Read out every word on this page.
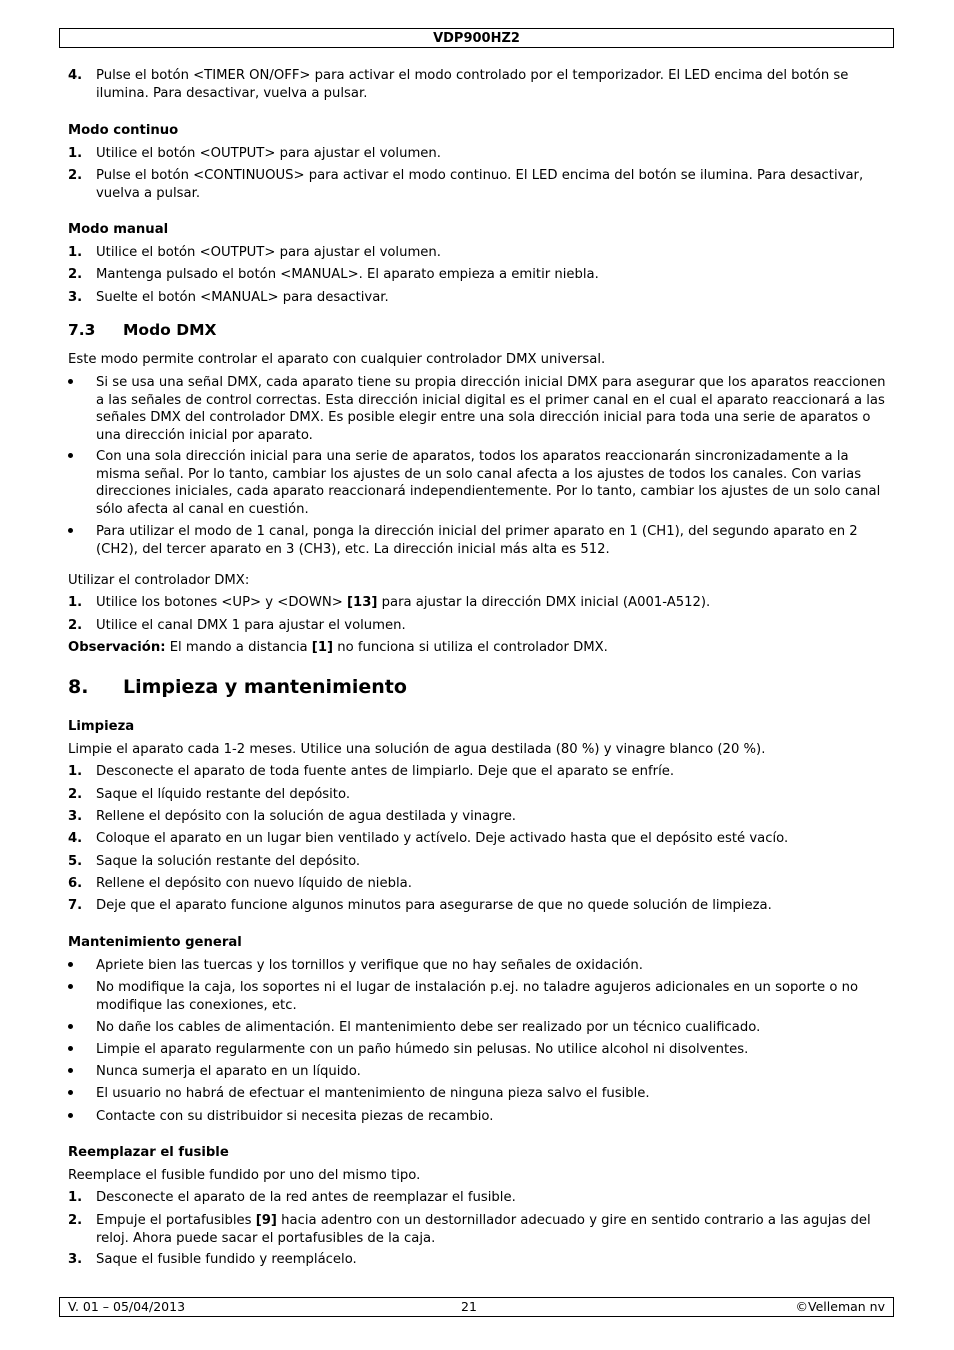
VDP900HZ2
4. Pulse el botón <TIMER ON/OFF> para activar el modo controlado por el temporizador. El LED encima del botón se ilumina. Para desactivar, vuelva a pulsar.
Modo continuo
1. Utilice el botón <OUTPUT> para ajustar el volumen.
2. Pulse el botón <CONTINUOUS> para activar el modo continuo. El LED encima del botón se ilumina. Para desactivar, vuelva a pulsar.
Modo manual
1. Utilice el botón <OUTPUT> para ajustar el volumen.
2. Mantenga pulsado el botón <MANUAL>. El aparato empieza a emitir niebla.
3. Suelte el botón <MANUAL> para desactivar.
7.3 Modo DMX
Este modo permite controlar el aparato con cualquier controlador DMX universal.
Si se usa una señal DMX, cada aparato tiene su propia dirección inicial DMX para asegurar que los aparatos reaccionen a las señales de control correctas. Esta dirección inicial digital es el primer canal en el cual el aparato reaccionará a las señales DMX del controlador DMX. Es posible elegir entre una sola dirección inicial para toda una serie de aparatos o una dirección inicial por aparato.
Con una sola dirección inicial para una serie de aparatos, todos los aparatos reaccionarán sincronizadamente a la misma señal. Por lo tanto, cambiar los ajustes de un solo canal afecta a los ajustes de todos los canales. Con varias direcciones iniciales, cada aparato reaccionará independientemente. Por lo tanto, cambiar los ajustes de un solo canal sólo afecta al canal en cuestión.
Para utilizar el modo de 1 canal, ponga la dirección inicial del primer aparato en 1 (CH1), del segundo aparato en 2 (CH2), del tercer aparato en 3 (CH3), etc. La dirección inicial más alta es 512.
Utilizar el controlador DMX:
1. Utilice los botones <UP> y <DOWN> [13] para ajustar la dirección DMX inicial (A001-A512).
2. Utilice el canal DMX 1 para ajustar el volumen.
Observación: El mando a distancia [1] no funciona si utiliza el controlador DMX.
8. Limpieza y mantenimiento
Limpieza
Limpie el aparato cada 1-2 meses. Utilice una solución de agua destilada (80 %) y vinagre blanco (20 %).
1. Desconecte el aparato de toda fuente antes de limpiarlo. Deje que el aparato se enfríe.
2. Saque el líquido restante del depósito.
3. Rellene el depósito con la solución de agua destilada y vinagre.
4. Coloque el aparato en un lugar bien ventilado y actívelo. Deje activado hasta que el depósito esté vacío.
5. Saque la solución restante del depósito.
6. Rellene el depósito con nuevo líquido de niebla.
7. Deje que el aparato funcione algunos minutos para asegurarse de que no quede solución de limpieza.
Mantenimiento general
Apriete bien las tuercas y los tornillos y verifique que no hay señales de oxidación.
No modifique la caja, los soportes ni el lugar de instalación p.ej. no taladre agujeros adicionales en un soporte o no modifique las conexiones, etc.
No dañe los cables de alimentación. El mantenimiento debe ser realizado por un técnico cualificado.
Limpie el aparato regularmente con un paño húmedo sin pelusas. No utilice alcohol ni disolventes.
Nunca sumerja el aparato en un líquido.
El usuario no habrá de efectuar el mantenimiento de ninguna pieza salvo el fusible.
Contacte con su distribuidor si necesita piezas de recambio.
Reemplazar el fusible
Reemplace el fusible fundido por uno del mismo tipo.
1. Desconecte el aparato de la red antes de reemplazar el fusible.
2. Empuje el portafusibles [9] hacia adentro con un destornillador adecuado y gire en sentido contrario a las agujas del reloj. Ahora puede sacar el portafusibles de la caja.
3. Saque el fusible fundido y reemplácelo.
V. 01 – 05/04/2013	21	©Velleman nv
